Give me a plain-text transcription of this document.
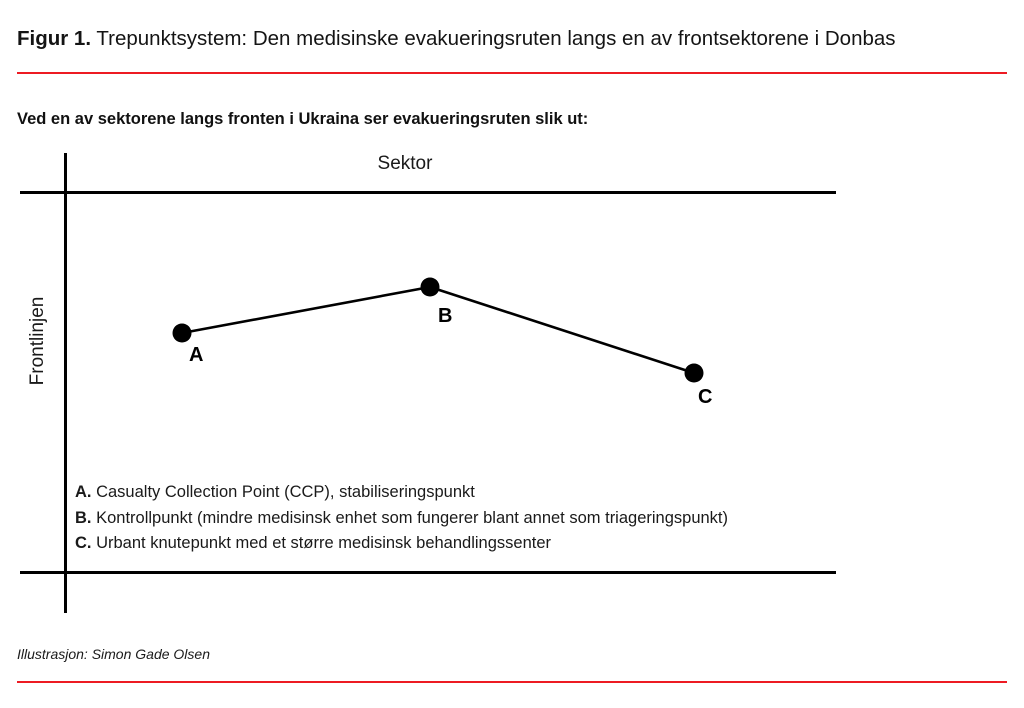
Figur 1. Trepunktsystem: Den medisinske evakueringsruten langs en av frontsektorene i Donbas
Ved en av sektorene langs fronten i Ukraina ser evakueringsruten slik ut:
Sektor
Frontlinjen	A
B
C
A. Casualty Collection Point (CCP), stabiliseringspunkt
B. Kontrollpunkt (mindre medisinsk enhet som fungerer blant annet som triageringspunkt)
C. Urbant knutepunkt med et større medisinsk behandlingssenter
Illustrasjon: Simon Gade Olsen
